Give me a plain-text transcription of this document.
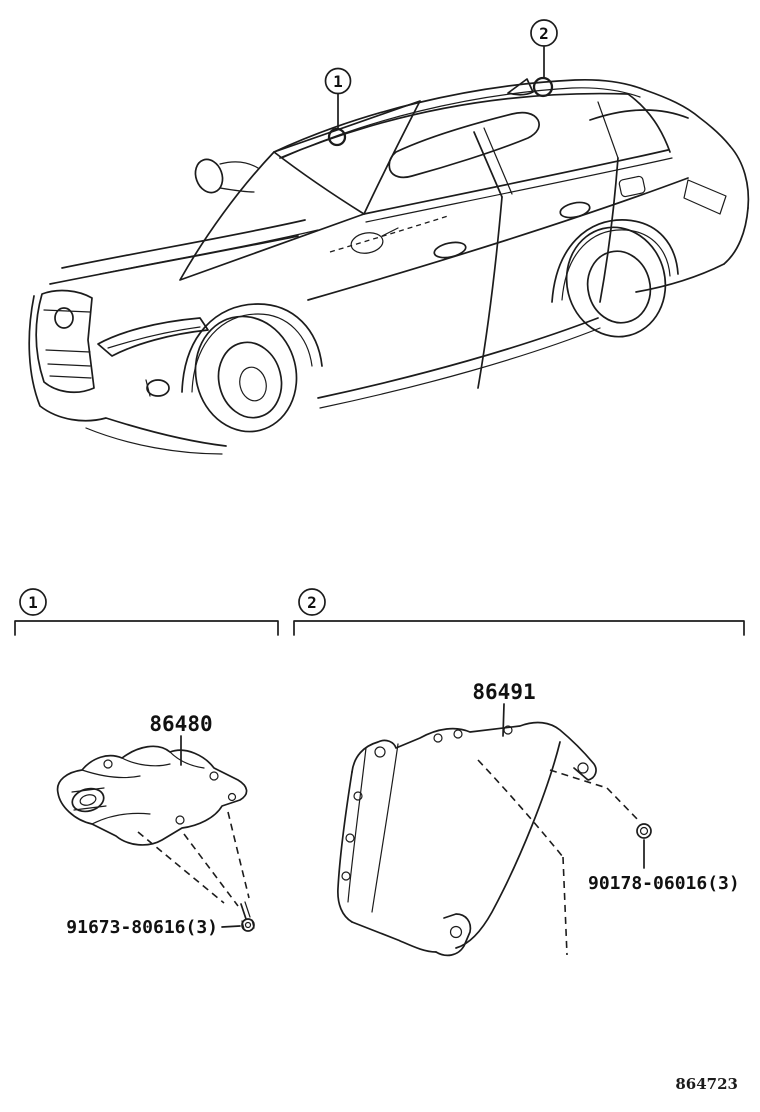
1
2
1	2
86480
91673-80616(3)
86491
90178-06016(3)
864723
